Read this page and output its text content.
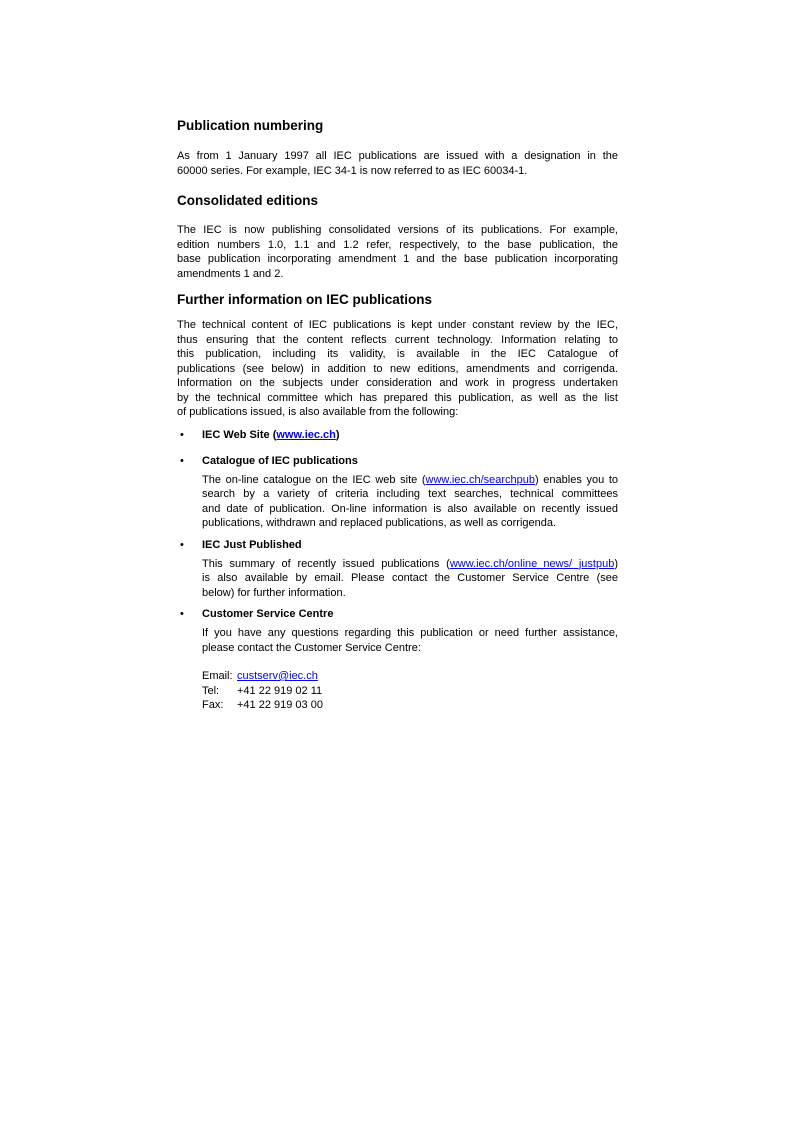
Publication numbering
As from 1 January 1997 all IEC publications are issued with a designation in the
60000 series. For example, IEC 34-1 is now referred to as IEC 60034-1.
Consolidated editions
The IEC is now publishing consolidated versions of its publications. For example,
edition numbers 1.0, 1.1 and 1.2 refer, respectively, to the base publication, the
base publication incorporating amendment 1 and the base publication incorporating
amendments 1 and 2.
Further information on IEC publications
The technical content of IEC publications is kept under constant review by the IEC,
thus ensuring that the content reflects current technology. Information relating to
this publication, including its validity, is available in the IEC Catalogue of
publications (see below) in addition to new editions, amendments and corrigenda.
Information on the subjects under consideration and work in progress undertaken
by the technical committee which has prepared this publication, as well as the list
of publications issued, is also available from the following:
•	IEC Web Site (www.iec.ch)
•	Catalogue of IEC publications
The on-line catalogue on the IEC web site (www.iec.ch/searchpub) enables you to
search by a variety of criteria including text searches, technical committees
and date of publication. On-line information is also available on recently issued
publications, withdrawn and replaced publications, as well as corrigenda.
•	IEC Just Published
This summary of recently issued publications (www.iec.ch/online_news/ justpub)
is also available by email. Please contact the Customer Service Centre (see
below) for further information.
•	Customer Service Centre
If you have any questions regarding this publication or need further assistance,
please contact the Customer Service Centre:
Email: custserv@iec.ch
Tel:	+41 22 919 02 11
Fax:	+41 22 919 03 00
